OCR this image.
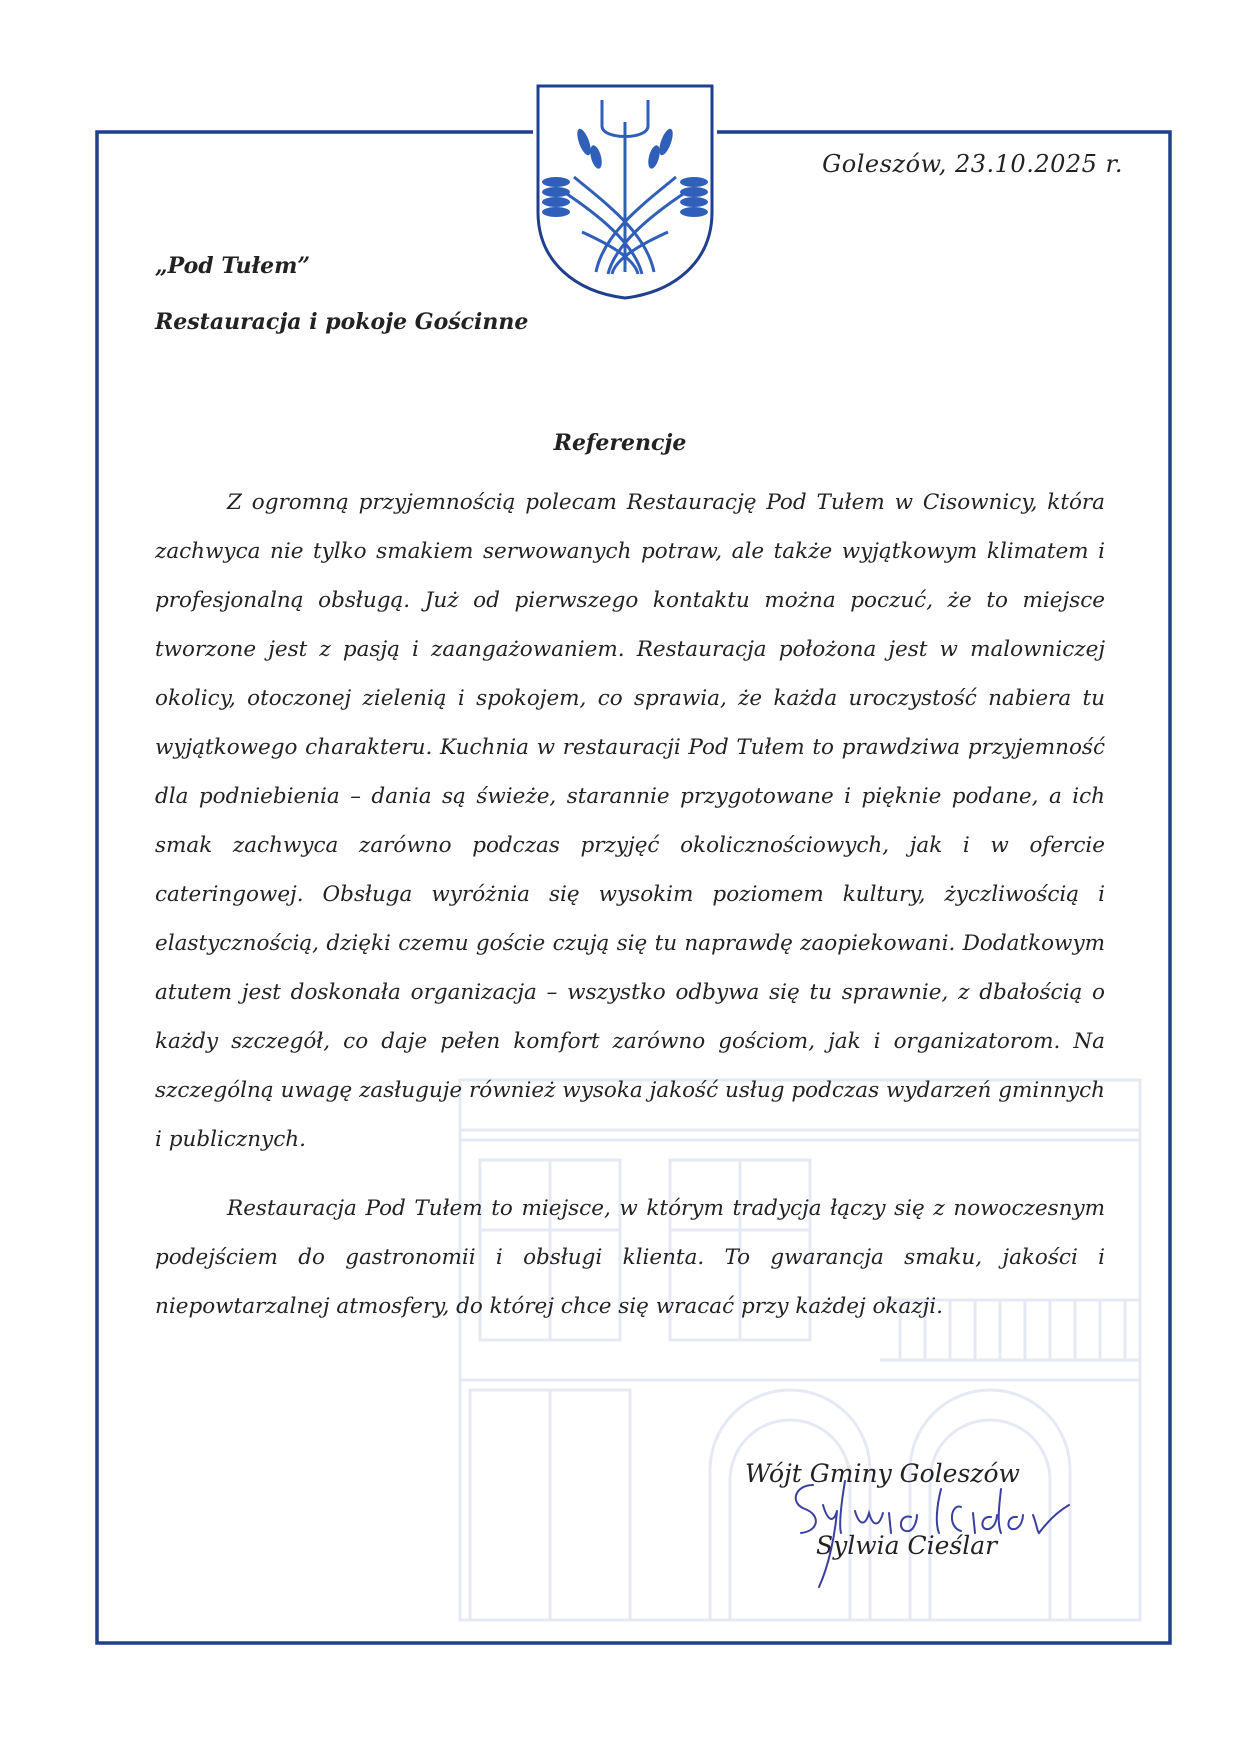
Goleszów, 23.10.2025 r.
„Pod Tułem”
Restauracja i pokoje Gościnne
Referencje

Z ogromną przyjemnością polecam Restaurację Pod Tułem w Cisownicy, która zachwyca nie tylko smakiem serwowanych potraw, ale także wyjątkowym klimatem i profesjonalną obsługą. Już od pierwszego kontaktu można poczuć, że to miejsce tworzone jest z pasją i zaangażowaniem. Restauracja położona jest w malowniczej okolicy, otoczonej zielenią i spokojem, co sprawia, że każda uroczystość nabiera tu wyjątkowego charakteru. Kuchnia w restauracji Pod Tułem to prawdziwa przyjemność dla podniebienia – dania są świeże, starannie przygotowane i pięknie podane, a ich smak zachwyca zarówno podczas przyjęć okolicznościowych, jak i w ofercie cateringowej. Obsługa wyróżnia się wysokim poziomem kultury, życzliwością i elastycznością, dzięki czemu goście czują się tu naprawdę zaopiekowani. Dodatkowym atutem jest doskonała organizacja – wszystko odbywa się tu sprawnie, z dbałością o każdy szczegół, co daje pełen komfort zarówno gościom, jak i organizatorom. Na szczególną uwagę zasługuje również wysoka jakość usług podczas wydarzeń gminnych i publicznych.

Restauracja Pod Tułem to miejsce, w którym tradycja łączy się z nowoczesnym podejściem do gastronomii i obsługi klienta. To gwarancja smaku, jakości i niepowtarzalnej atmosfery, do której chce się wracać przy każdej okazji.

Wójt Gminy Goleszów
Sylwia Cieślar
